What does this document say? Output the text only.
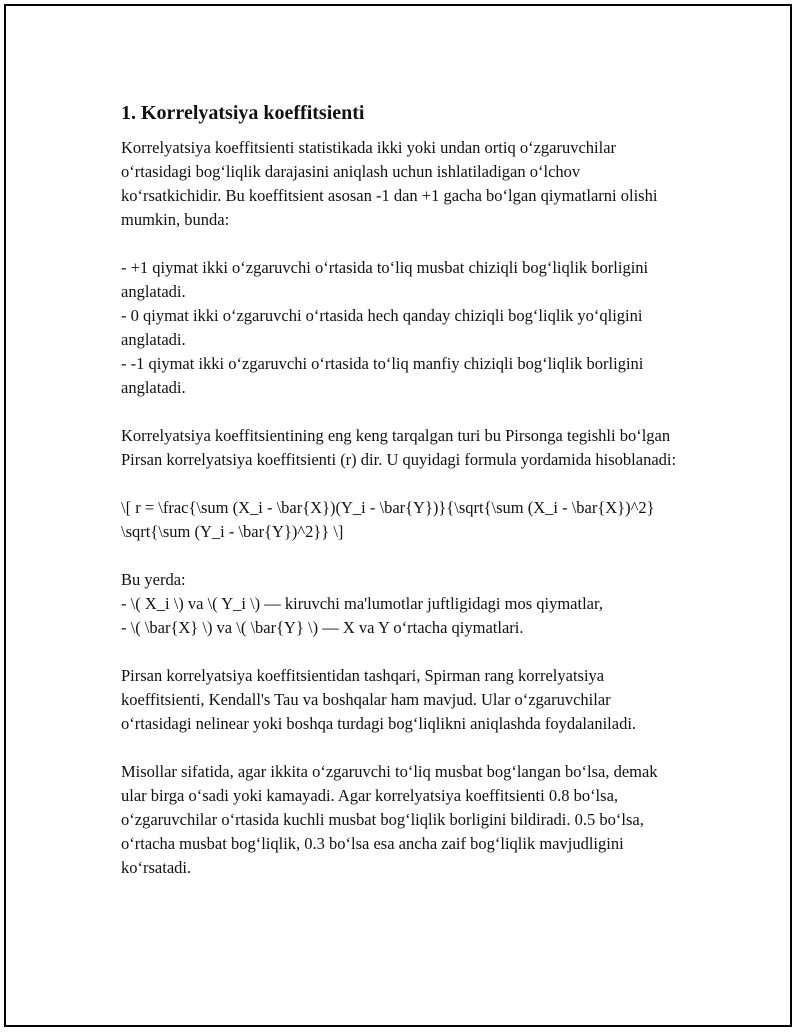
1. Korrelyatsiya koeffitsienti

Korrelyatsiya koeffitsienti statistikada ikki yoki undan ortiq o‘zgaruvchilar o‘rtasidagi bog‘liqlik darajasini aniqlash uchun ishlatiladigan o‘lchov ko‘rsatkichidir. Bu koeffitsient asosan -1 dan +1 gacha bo‘lgan qiymatlarni olishi mumkin, bunda:

- +1 qiymat ikki o‘zgaruvchi o‘rtasida to‘liq musbat chiziqli bog‘liqlik borligini anglatadi.
- 0 qiymat ikki o‘zgaruvchi o‘rtasida hech qanday chiziqli bog‘liqlik yo‘qligini anglatadi.
- -1 qiymat ikki o‘zgaruvchi o‘rtasida to‘liq manfiy chiziqli bog‘liqlik borligini anglatadi.

Korrelyatsiya koeffitsientining eng keng tarqalgan turi bu Pirsonga tegishli bo‘lgan Pirsan korrelyatsiya koeffitsienti (r) dir. U quyidagi formula yordamida hisoblanadi:

\[ r = \frac{\sum (X_i - \bar{X})(Y_i - \bar{Y})}{\sqrt{\sum (X_i - \bar{X})^2} \sqrt{\sum (Y_i - \bar{Y})^2}} \]

Bu yerda:
- \( X_i \) va \( Y_i \) — kiruvchi ma'lumotlar juftligidagi mos qiymatlar,
- \( \bar{X} \) va \( \bar{Y} \) — X va Y o‘rtacha qiymatlari.

Pirsan korrelyatsiya koeffitsientidan tashqari, Spirman rang korrelyatsiya koeffitsienti, Kendall's Tau va boshqalar ham mavjud. Ular o‘zgaruvchilar o‘rtasidagi nelinear yoki boshqa turdagi bog‘liqlikni aniqlashda foydalaniladi.

Misollar sifatida, agar ikkita o‘zgaruvchi to‘liq musbat bog‘langan bo‘lsa, demak ular birga o‘sadi yoki kamayadi. Agar korrelyatsiya koeffitsienti 0.8 bo‘lsa, o‘zgaruvchilar o‘rtasida kuchli musbat bog‘liqlik borligini bildiradi. 0.5 bo‘lsa, o‘rtacha musbat bog‘liqlik, 0.3 bo‘lsa esa ancha zaif bog‘liqlik mavjudligini ko‘rsatadi.
